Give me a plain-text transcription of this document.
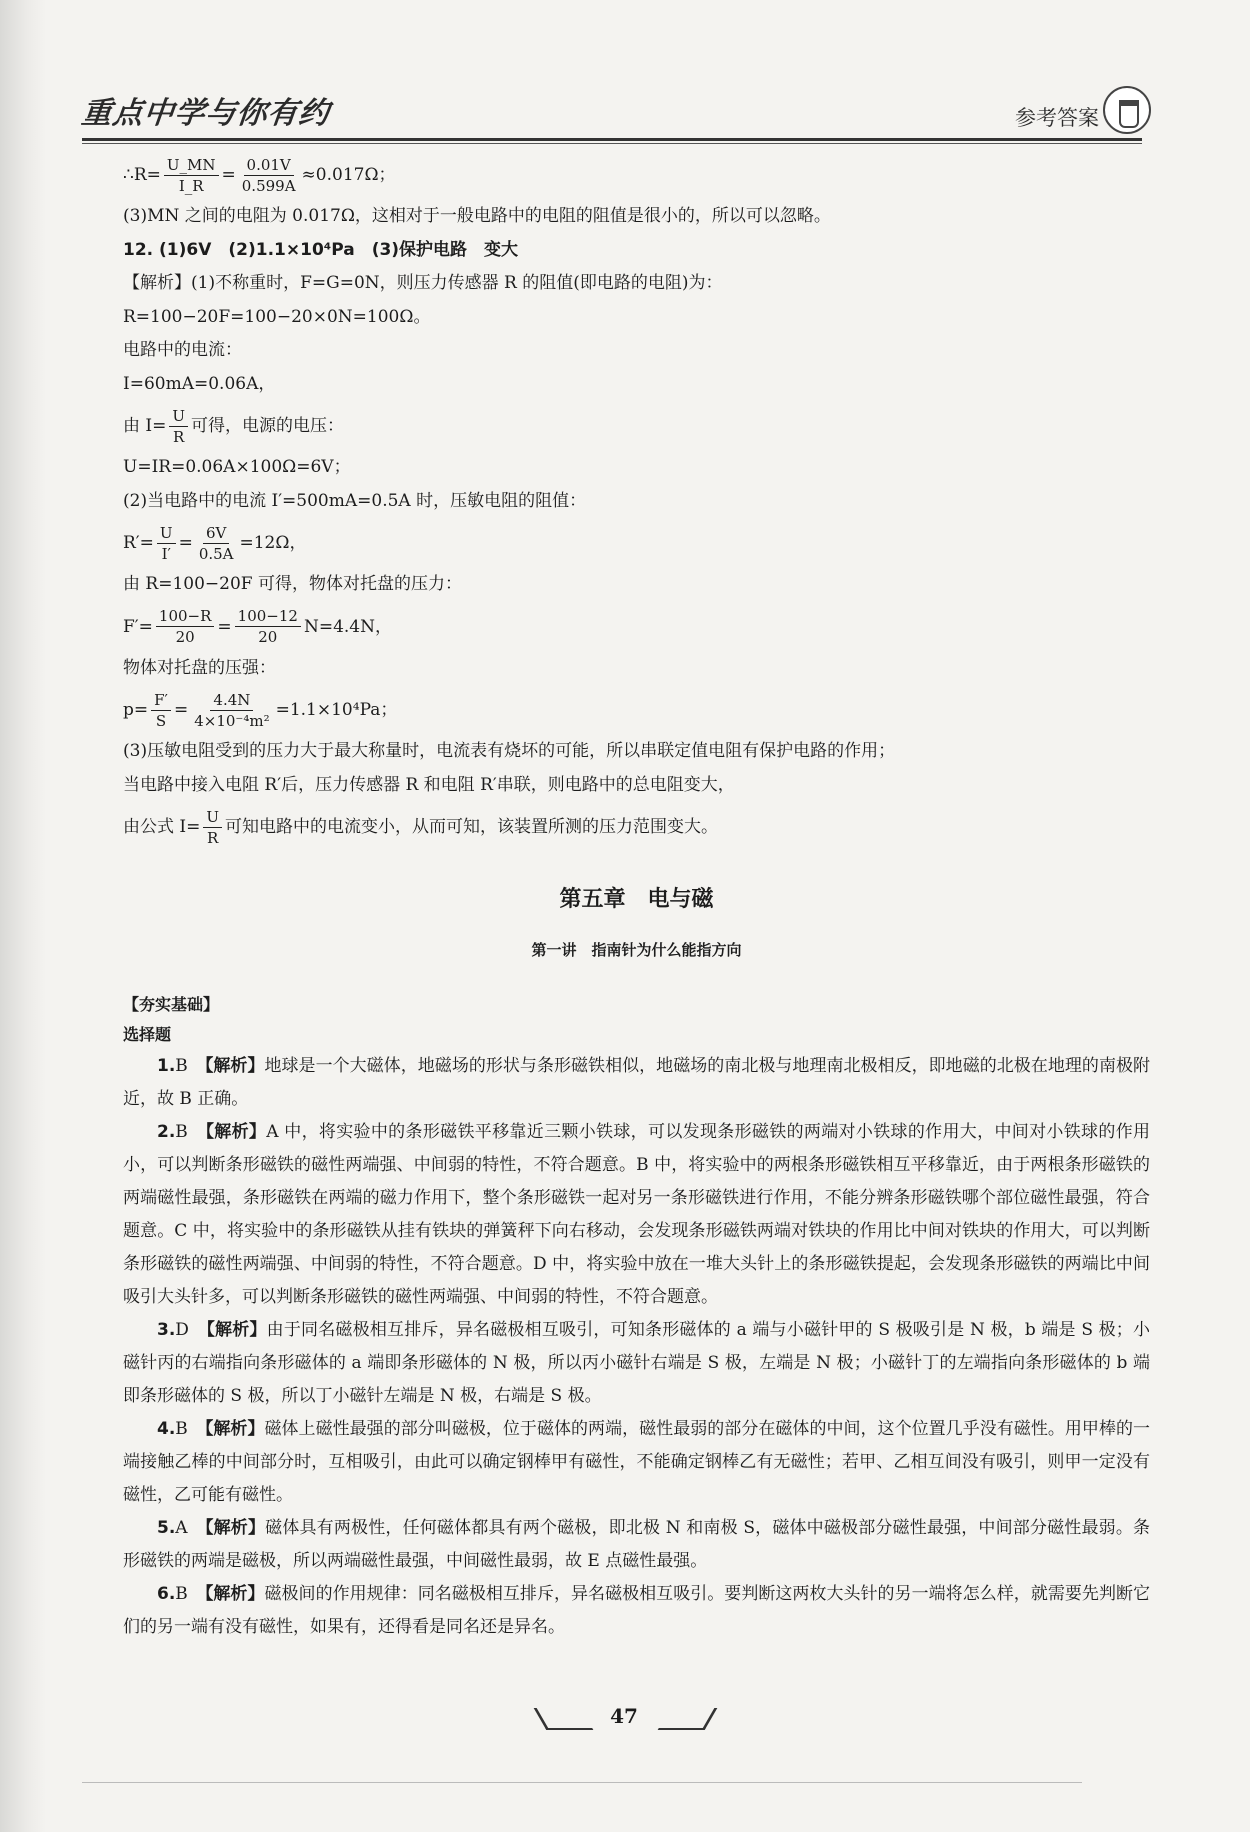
重点中学与你有约	参考答案
∴R= $\frac{U\_MN}{I\_R} = \frac{0.01V}{0.599A} \approx 0.017\Omega$；
(3)MN 之间的电阻为 0.017Ω，这相对于一般电路中的电阻的阻值是很小的，所以可以忽略。
12. (1)6V　(2)1.1×10⁴Pa　(3)保护电路　变大
【解析】(1)不称重时，F=G=0N，则压力传感器 R 的阻值(即电路的电阻)为：
R=100−20F=100−20×0N=100Ω。
电路中的电流：
I=60mA=0.06A，
由 $I= \frac{U}{R}$ 可得，电源的电压：
U=IR=0.06A×100Ω=6V；
(2)当电路中的电流 I′=500mA=0.5A 时，压敏电阻的阻值：
$R'= \frac{U}{I'} = \frac{6V}{0.5A} =12\Omega$，
由 R=100−20F 可得，物体对托盘的压力：
$F'= \frac{100-R}{20} = \frac{100-12}{20} N=4.4N$，
物体对托盘的压强：
$p= \frac{F'}{S} = \frac{4.4N}{\text{4×10⁻⁴m²}} =1.1\times 10^4Pa$；
(3)压敏电阻受到的压力大于最大称量时，电流表有烧坏的可能，所以串联定值电阻有保护电路的作用；
当电路中接入电阻 R′后，压力传感器 R 和电阻 R′串联，则电路中的总电阻变大，
由公式 $I= \frac{U}{R}$ 可知电路中的电流变小，从而可知，该装置所测的压力范围变大。
第五章　电与磁
第一讲　指南针为什么能指方向
【夯实基础】
选择题
1.B　 【解析】地球是一个大磁体，地磁场的形状与条形磁铁相似，地磁场的南北极与地理南北极相反，即地磁的北极在地理的南极附近，故 B 正确。
2.B　 【解析】A 中，将实验中的条形磁铁平移靠近三颗小铁球，可以发现条形磁铁的两端对小铁球的作用大，中间对小铁球的作用小，可以判断条形磁铁的磁性两端强、中间弱的特性，不符合题意。B 中，将实验中的两根条形磁铁相互平移靠近，由于两根条形磁铁的两端磁性最强，条形磁铁在两端的磁力作用下，整个条形磁铁一起对另一条形磁铁进行作用，不能分辨条形磁铁哪个部位磁性最强，符合题意。C 中，将实验中的条形磁铁从挂有铁块的弹簧秤下向右移动，会发现条形磁铁两端对铁块的作用比中间对铁块的作用大，可以判断条形磁铁的磁性两端强、中间弱的特性，不符合题意。D 中，将实验中放在一堆大头针上的条形磁铁提起，会发现条形磁铁的两端比中间吸引大头针多，可以判断条形磁铁的磁性两端强、中间弱的特性，不符合题意。
3.D　 【解析】由于同名磁极相互排斥，异名磁极相互吸引，可知条形磁体的 a 端与小磁针甲的 S 极吸引是 N 极，b 端是 S 极；小磁针丙的右端指向条形磁体的 a 端即条形磁体的 N 极，所以丙小磁针右端是 S 极，左端是 N 极；小磁针丁的左端指向条形磁体的 b 端即条形磁体的 S 极，所以丁小磁针左端是 N 极，右端是 S 极。
4.B　 【解析】磁体上磁性最强的部分叫磁极，位于磁体的两端，磁性最弱的部分在磁体的中间，这个位置几乎没有磁性。用甲棒的一端接触乙棒的中间部分时，互相吸引，由此可以确定钢棒甲有磁性，不能确定钢棒乙有无磁性；若甲、乙相互间没有吸引，则甲一定没有磁性，乙可能有磁性。
5.A　 【解析】磁体具有两极性，任何磁体都具有两个磁极，即北极 N 和南极 S，磁体中磁极部分磁性最强，中间部分磁性最弱。条形磁铁的两端是磁极，所以两端磁性最强，中间磁性最弱，故 E 点磁性最强。
6.B　 【解析】磁极间的作用规律：同名磁极相互排斥，异名磁极相互吸引。要判断这两枚大头针的另一端将怎么样，就需要先判断它们的另一端有没有磁性，如果有，还得看是同名还是异名。
47
